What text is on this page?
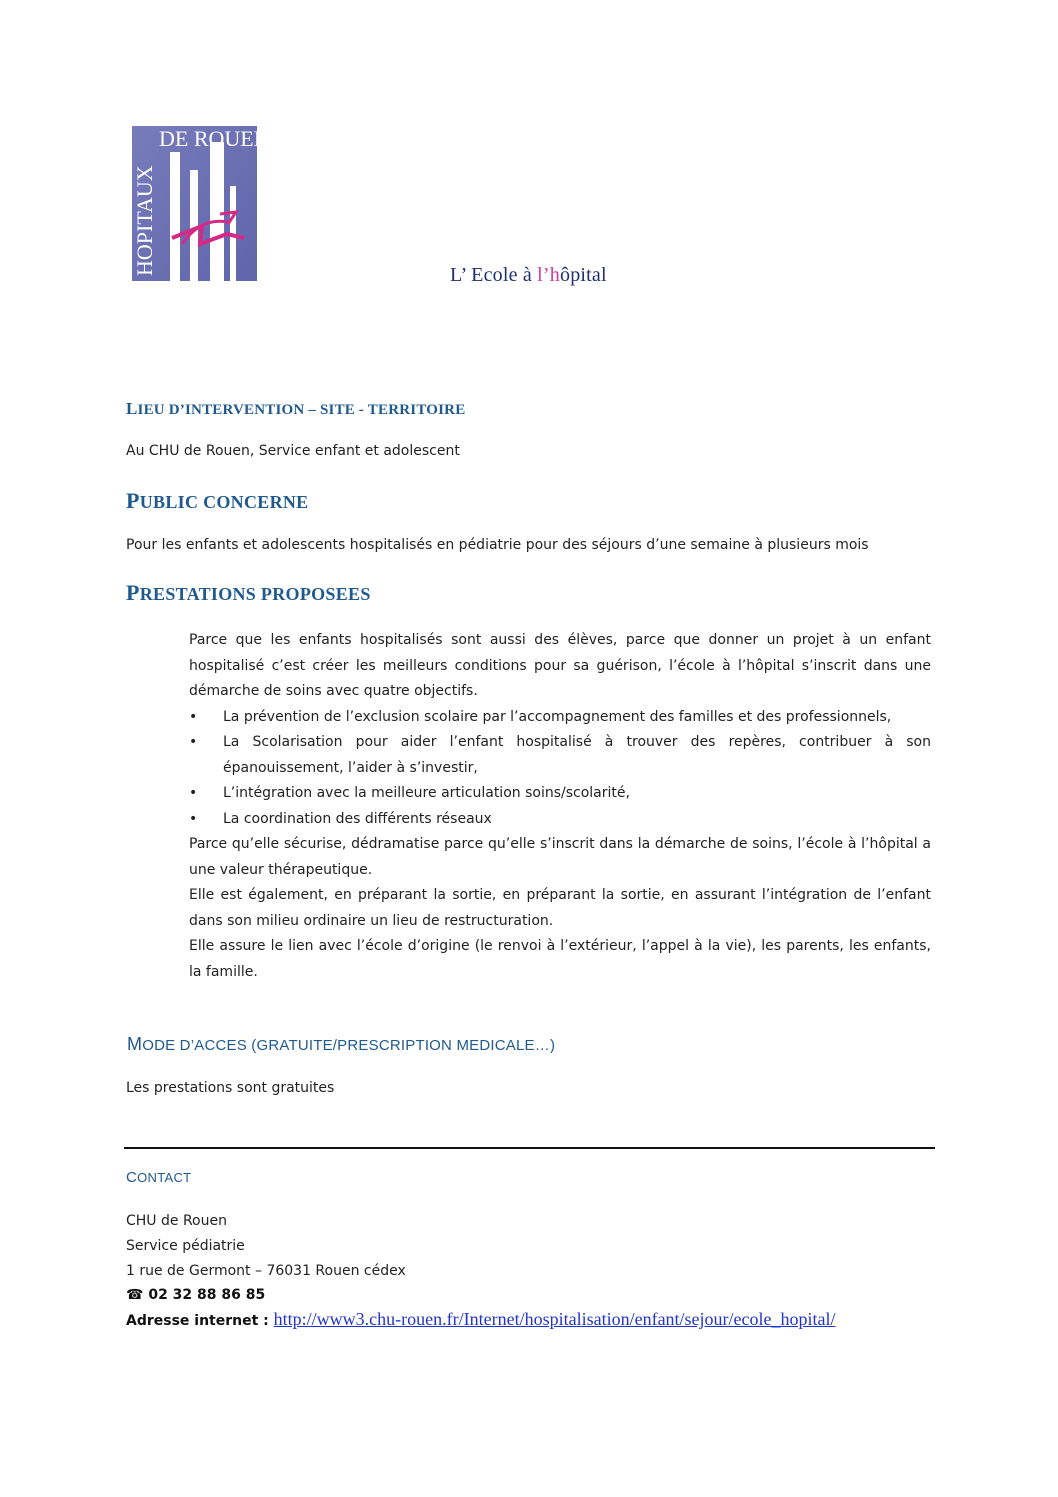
DE ROUEN
HOPITAUX	L’ Ecole à l’hôpital
LIEU D’INTERVENTION – SITE - TERRITOIRE
Au CHU de Rouen, Service enfant et adolescent
PUBLIC CONCERNE
Pour les enfants et adolescents hospitalisés en pédiatrie pour des séjours d’une semaine à plusieurs mois
PRESTATIONS PROPOSEES

Parce que les enfants hospitalisés sont aussi des élèves, parce que donner un projet à un enfant hospitalisé c’est créer les meilleurs conditions pour sa guérison, l’école à l’hôpital s’inscrit dans une démarche de soins avec quatre objectifs.

• La prévention de l’exclusion scolaire par l’accompagnement des familles et des professionnels,
• La Scolarisation pour aider l’enfant hospitalisé à trouver des repères, contribuer à son épanouissement, l’aider à s’investir,
• L’intégration avec la meilleure articulation soins/scolarité,
• La coordination des différents réseaux

Parce qu’elle sécurise, dédramatise parce qu’elle s’inscrit dans la démarche de soins, l’école à l’hôpital a une valeur thérapeutique.

Elle est également, en préparant la sortie, en préparant la sortie, en assurant l’intégration de l’enfant dans son milieu ordinaire un lieu de restructuration.

Elle assure le lien avec l’école d’origine (le renvoi à l’extérieur, l’appel à la vie), les parents, les enfants, la famille.

MODE D’ACCES (GRATUITE/PRESCRIPTION MEDICALE…)
Les prestations sont gratuites
CONTACT
CHU de Rouen
Service pédiatrie
1 rue de Germont – 76031 Rouen cédex
☎ 02 32 88 86 85
Adresse internet : http://www3.chu-rouen.fr/Internet/hospitalisation/enfant/sejour/ecole_hopital/
